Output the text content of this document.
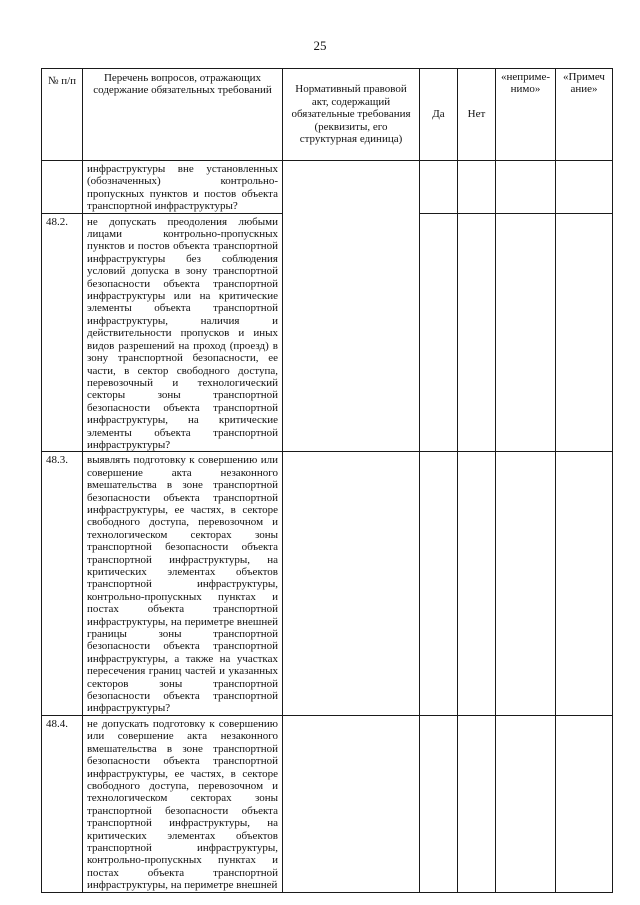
25
№ п/п	Перечень вопросов, отражающих содержание обязательных требований	Нормативный правовой акт, содержащий обязательные требования (реквизиты, его структурная единица)	Да	Нет	«неприме-нимо»	«Примеч ание»
	инфраструктуры вне установленных (обозначенных) контрольно-пропускных пунктов и постов объекта транспортной инфраструктуры?					
48.2.	не допускать преодоления любыми лицами контрольно-пропускных пунктов и постов объекта транспортной инфраструктуры без соблюдения условий допуска в зону транспортной безопасности объекта транспортной инфраструктуры или на критические элементы объекта транспортной инфраструктуры, наличия и действительности пропусков и иных видов разрешений на проход (проезд) в зону транспортной безопасности, ее части, в сектор свободного доступа, перевозочный и технологический секторы зоны транспортной безопасности объекта транспортной инфраструктуры, на критические элементы объекта транспортной инфраструктуры?					
48.3.	выявлять подготовку к совершению или совершение акта незаконного вмешательства в зоне транспортной безопасности объекта транспортной инфраструктуры, ее частях, в секторе свободного доступа, перевозочном и технологическом секторах зоны транспортной безопасности объекта транспортной инфраструктуры, на критических элементах объектов транспортной инфраструктуры, контрольно-пропускных пунктах и постах объекта транспортной инфраструктуры, на периметре внешней границы зоны транспортной безопасности объекта транспортной инфраструктуры, а также на участках пересечения границ частей и указанных секторов зоны транспортной безопасности объекта транспортной инфраструктуры?					
48.4.	не допускать подготовку к совершению или совершение акта незаконного вмешательства в зоне транспортной безопасности объекта транспортной инфраструктуры, ее частях, в секторе свободного доступа, перевозочном и технологическом секторах зоны транспортной безопасности объекта транспортной инфраструктуры, на критических элементах объектов транспортной инфраструктуры, контрольно-пропускных пунктах и постах объекта транспортной инфраструктуры, на периметре внешней					
